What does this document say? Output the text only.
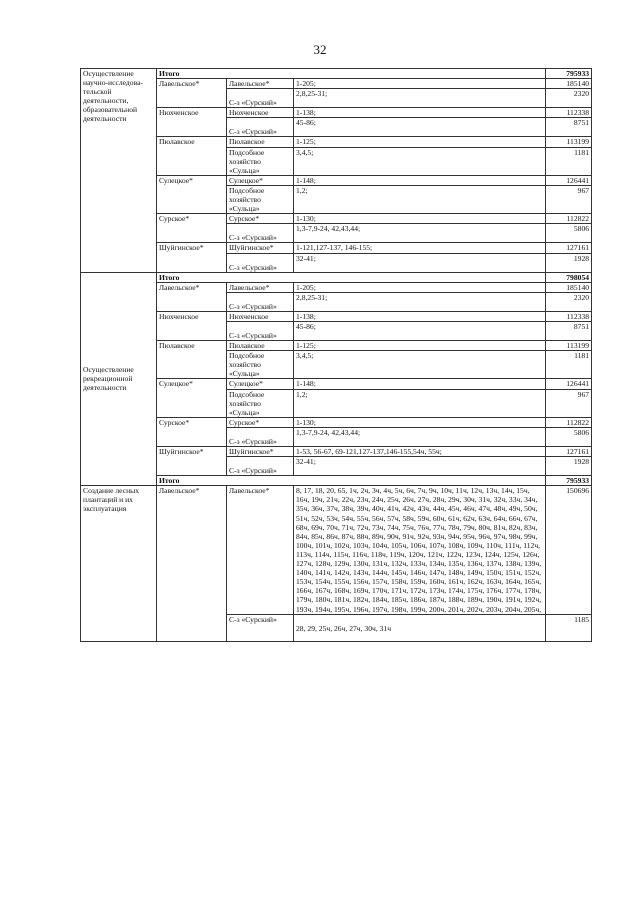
32
Осуществление научно-исследова-тельской деятельности, образовательной деятельности	Итого			795933
	Лавельское*	Лавельское*	1-205;	185140
		С-з «Сурский»	2,8,25-31;	2320
	Нюхченское	Нюхченское	1-138;	112338
		С-з «Сурский»	45-86;	8751
	Пюлавское	Пюлавское	1-125;	113199
		Подсобное хозяйство «Сульца»	3,4,5;	1181
	Сулецкое*	Сулецкое*	1-148;	126441
		Подсобное хозяйство «Сульца»	1,2;	967
	Сурское*	Сурское*	1-130;	112822
		С-з «Сурский»	1,3-7,9-24, 42,43,44;	5806
	Шуйгинское*	Шуйгинское*	1-121,127-137, 146-155;	127161
		С-з «Сурский»	32-41;	1928
Осуществление рекреационной деятельности	Итого			798054
	Лавельское*	Лавельское*	1-205;	185140
		С-з «Сурский»	2,8,25-31;	2320
	Нюхченское	Нюхченское	1-138;	112338
		С-з «Сурский»	45-86;	8751
	Пюлавское	Пюлавское	1-125;	113199
		Подсобное хозяйство «Сульца»	3,4,5;	1181
	Сулецкое*	Сулецкое*	1-148;	126441
		Подсобное хозяйство «Сульца»	1,2;	967
	Сурское*	Сурское*	1-130;	112822
		С-з «Сурский»	1,3-7,9-24, 42,43,44;	5806
	Шуйгинское*	Шуйгинское*	1-53, 56-67, 69-121,127-137,146-155,54ч, 55ч;	127161
		С-з «Сурский»	32-41;	1928
	Итого			795933
Создание лесных плантаций и их эксплуатация	Лавельское*	Лавельское*	8, 17, 18, 20, 65, 1ч, 2ч, 3ч, 4ч, 5ч, 6ч, 7ч, 9ч, 10ч, 11ч, 12ч, 13ч, 14ч, 15ч, 16ч, 19ч, 21ч, 22ч, 23ч, 24ч, 25ч, 26ч, 27ч, 28ч, 29ч, 30ч, 31ч, 32ч, 33ч, 34ч, 35ч, 36ч, 37ч, 38ч, 39ч, 40ч, 41ч, 42ч, 43ч, 44ч, 45ч, 46ч, 47ч, 48ч, 49ч, 50ч, 51ч, 52ч, 53ч, 54ч, 55ч, 56ч, 57ч, 58ч, 59ч, 60ч, 61ч, 62ч, 63ч, 64ч, 66ч, 67ч, 68ч, 69ч, 70ч, 71ч, 72ч, 73ч, 74ч, 75ч, 76ч, 77ч, 78ч, 79ч, 80ч, 81ч, 82ч, 83ч, 84ч, 85ч, 86ч, 87ч, 88ч, 89ч, 90ч, 91ч, 92ч, 93ч, 94ч, 95ч, 96ч, 97ч, 98ч, 99ч, 100ч, 101ч, 102ч, 103ч, 104ч, 105ч, 106ч, 107ч, 108ч, 109ч, 110ч, 111ч, 112ч, 113ч, 114ч, 115ч, 116ч, 118ч, 119ч, 120ч, 121ч, 122ч, 123ч, 124ч, 125ч, 126ч, 127ч, 128ч, 129ч, 130ч, 131ч, 132ч, 133ч, 134ч, 135ч, 136ч, 137ч, 138ч, 139ч, 140ч, 141ч, 142ч, 143ч, 144ч, 145ч, 146ч, 147ч, 148ч, 149ч, 150ч, 151ч, 152ч, 153ч, 154ч, 155ч, 156ч, 157ч, 158ч, 159ч, 160ч, 161ч, 162ч, 163ч, 164ч, 165ч, 166ч, 167ч, 168ч, 169ч, 170ч, 171ч, 172ч, 173ч, 174ч, 175ч, 176ч, 177ч, 178ч, 179ч, 180ч, 181ч, 182ч, 184ч, 185ч, 186ч, 187ч, 188ч, 189ч, 190ч, 191ч, 192ч, 193ч, 194ч, 195ч, 196ч, 197ч, 198ч, 199ч, 200ч, 201ч, 202ч, 203ч, 204ч, 205ч,	150696
		С-з «Сурский»	28, 29, 25ч, 26ч, 27ч, 30ч, 31ч	1185
